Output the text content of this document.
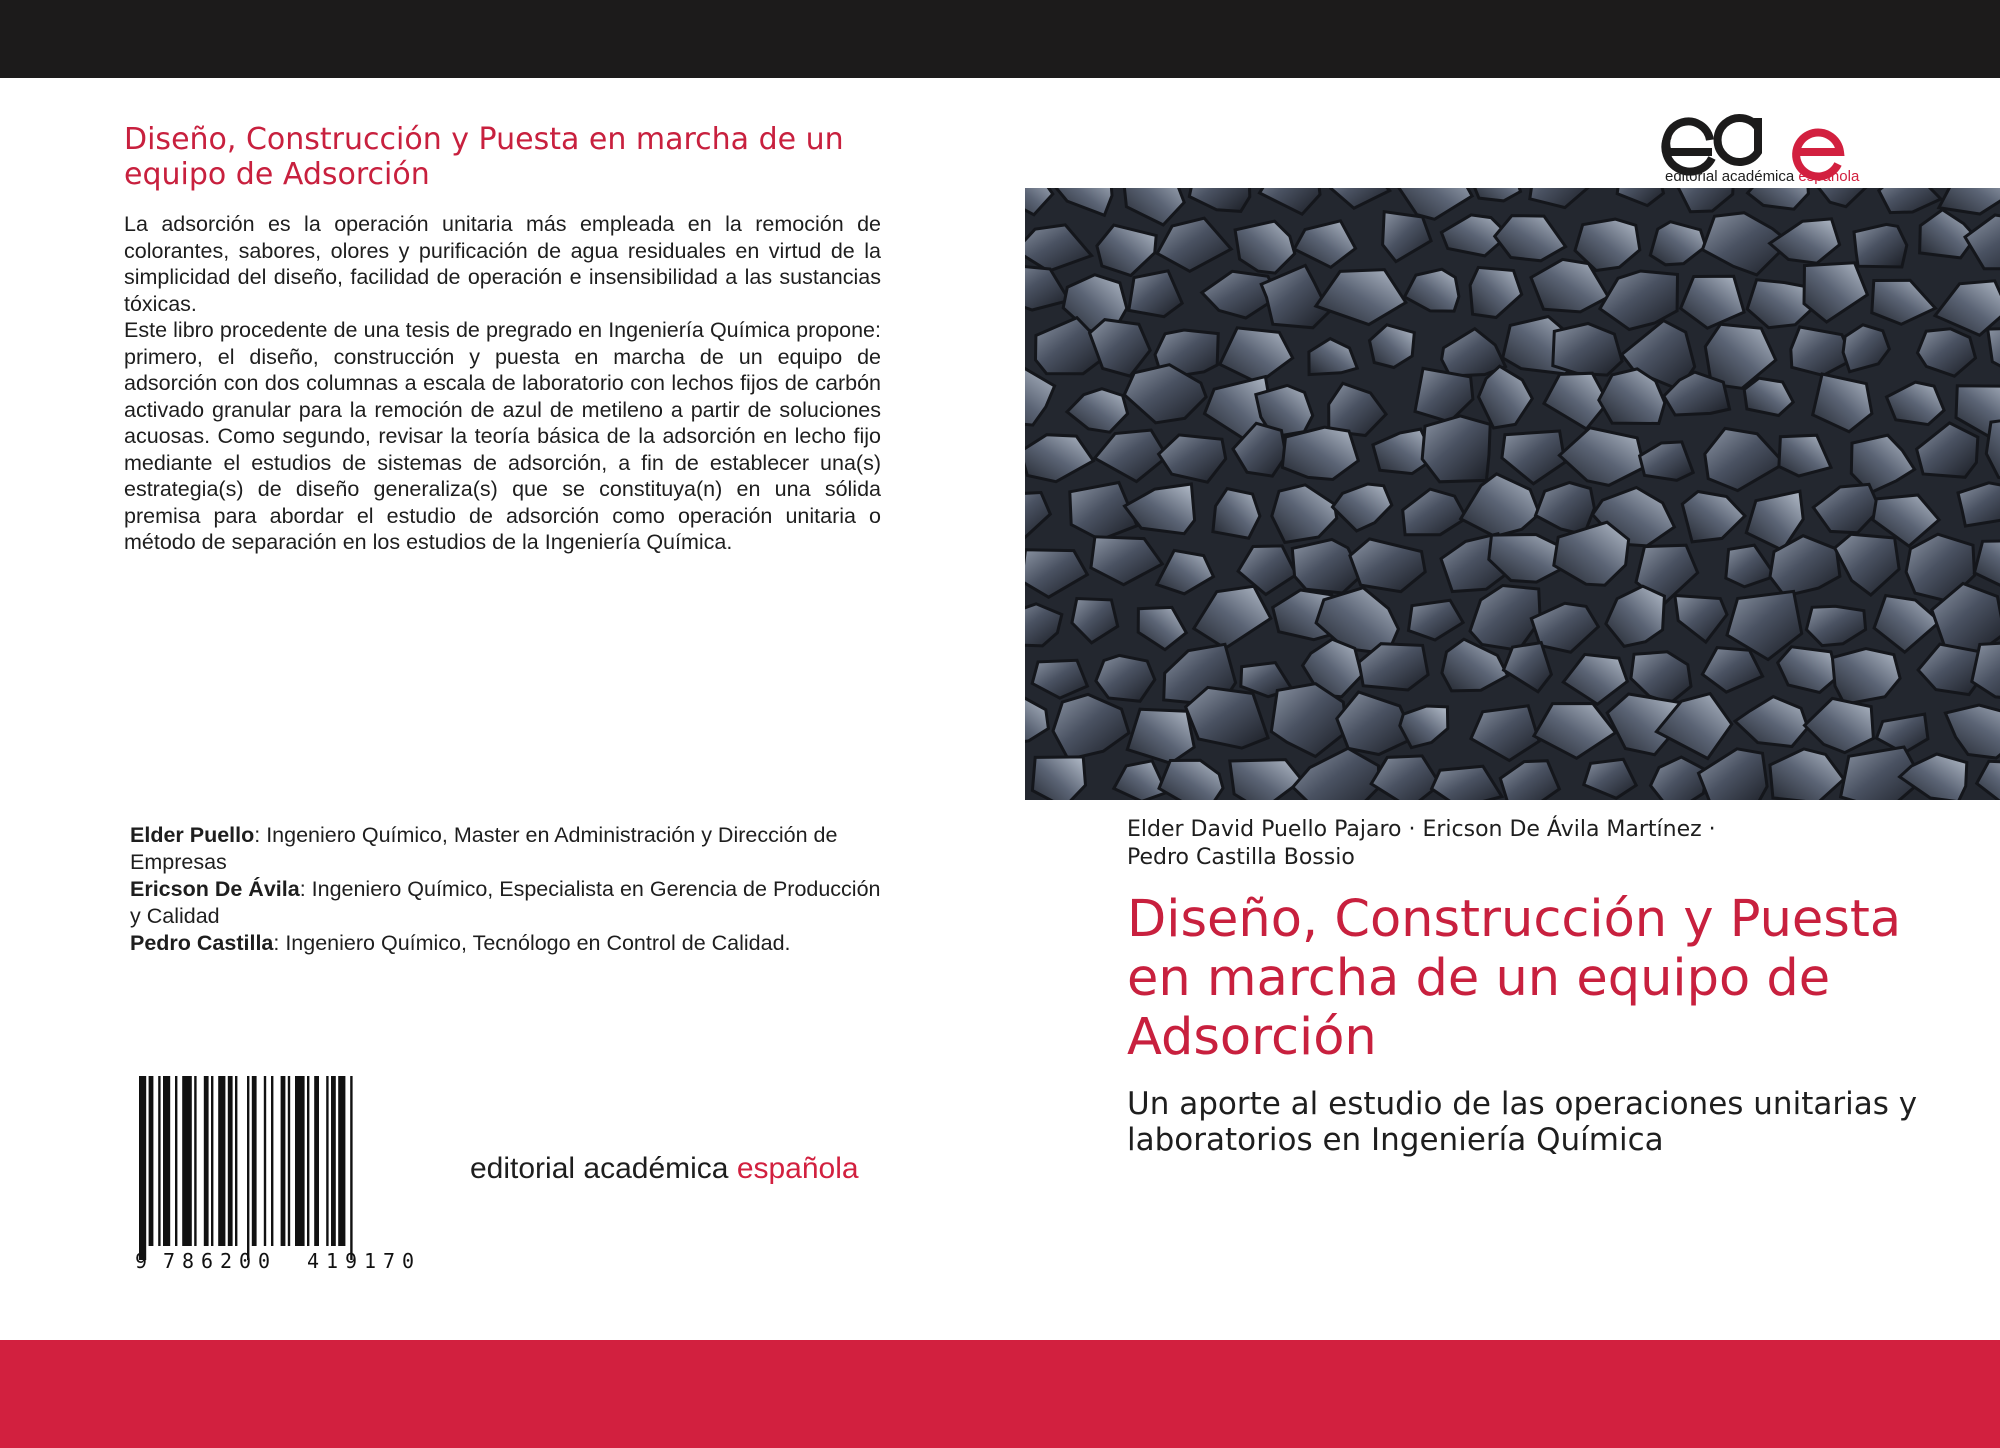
Diseño, Construcción y Puesta en marcha de un equipo de Adsorción

La adsorción es la operación unitaria más empleada en la remoción de colorantes, sabores, olores y purificación de agua residuales en virtud de la simplicidad del diseño, facilidad de operación e insensibilidad a las sustancias tóxicas.

Este libro procedente de una tesis de pregrado en Ingeniería Química propone: primero, el diseño, construcción y puesta en marcha de un equipo de adsorción con dos columnas a escala de laboratorio con lechos fijos de carbón activado granular para la remoción de azul de metileno a partir de soluciones acuosas. Como segundo, revisar la teoría básica de la adsorción en lecho fijo mediante el estudios de sistemas de adsorción, a fin de establecer una(s) estrategia(s) de diseño generaliza(s) que se constituya(n) en una sólida premisa para abordar el estudio de adsorción como operación unitaria o método de separación en los estudios de la Ingeniería Química.

Elder Puello: Ingeniero Químico, Master en Administración y Dirección de Empresas
Ericson De Ávila: Ingeniero Químico, Especialista en Gerencia de Producción y Calidad
Pedro Castilla: Ingeniero Químico, Tecnólogo en Control de Calidad.
9 7 8 6 2 0 0 4 1 9 1 7 0
editorial académica española
editorial académica española
Elder David Puello Pajaro · Ericson De Ávila Martínez ·
Pedro Castilla Bossio
Diseño, Construcción y Puesta en marcha de un equipo de Adsorción

Un aporte al estudio de las operaciones unitarias y laboratorios en Ingeniería Química
